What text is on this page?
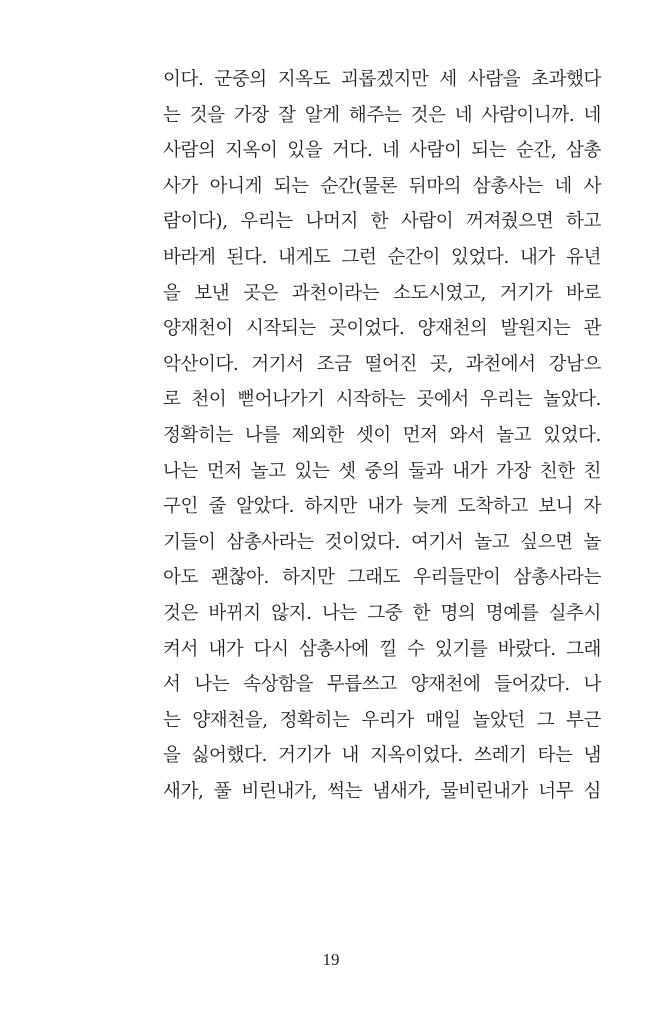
이다. 군중의 지옥도 괴롭겠지만 세 사람을 초과했다
는 것을 가장 잘 알게 해주는 것은 네 사람이니까. 네
사람의 지옥이 있을 거다. 네 사람이 되는 순간, 삼총
사가 아니게 되는 순간(물론 뒤마의 삼총사는 네 사
람이다), 우리는 나머지 한 사람이 꺼져줬으면 하고
바라게 된다. 내게도 그런 순간이 있었다. 내가 유년
을 보낸 곳은 과천이라는 소도시였고, 거기가 바로
양재천이 시작되는 곳이었다. 양재천의 발원지는 관
악산이다. 거기서 조금 떨어진 곳, 과천에서 강남으
로 천이 뻗어나가기 시작하는 곳에서 우리는 놀았다.
정확히는 나를 제외한 셋이 먼저 와서 놀고 있었다.
나는 먼저 놀고 있는 셋 중의 둘과 내가 가장 친한 친
구인 줄 알았다. 하지만 내가 늦게 도착하고 보니 자
기들이 삼총사라는 것이었다. 여기서 놀고 싶으면 놀
아도 괜찮아. 하지만 그래도 우리들만이 삼총사라는
것은 바뀌지 않지. 나는 그중 한 명의 명예를 실추시
켜서 내가 다시 삼총사에 낄 수 있기를 바랐다. 그래
서 나는 속상함을 무릅쓰고 양재천에 들어갔다. 나
는 양재천을, 정확히는 우리가 매일 놀았던 그 부근
을 싫어했다. 거기가 내 지옥이었다. 쓰레기 타는 냄
새가, 풀 비린내가, 썩는 냄새가, 물비린내가 너무 심
19
